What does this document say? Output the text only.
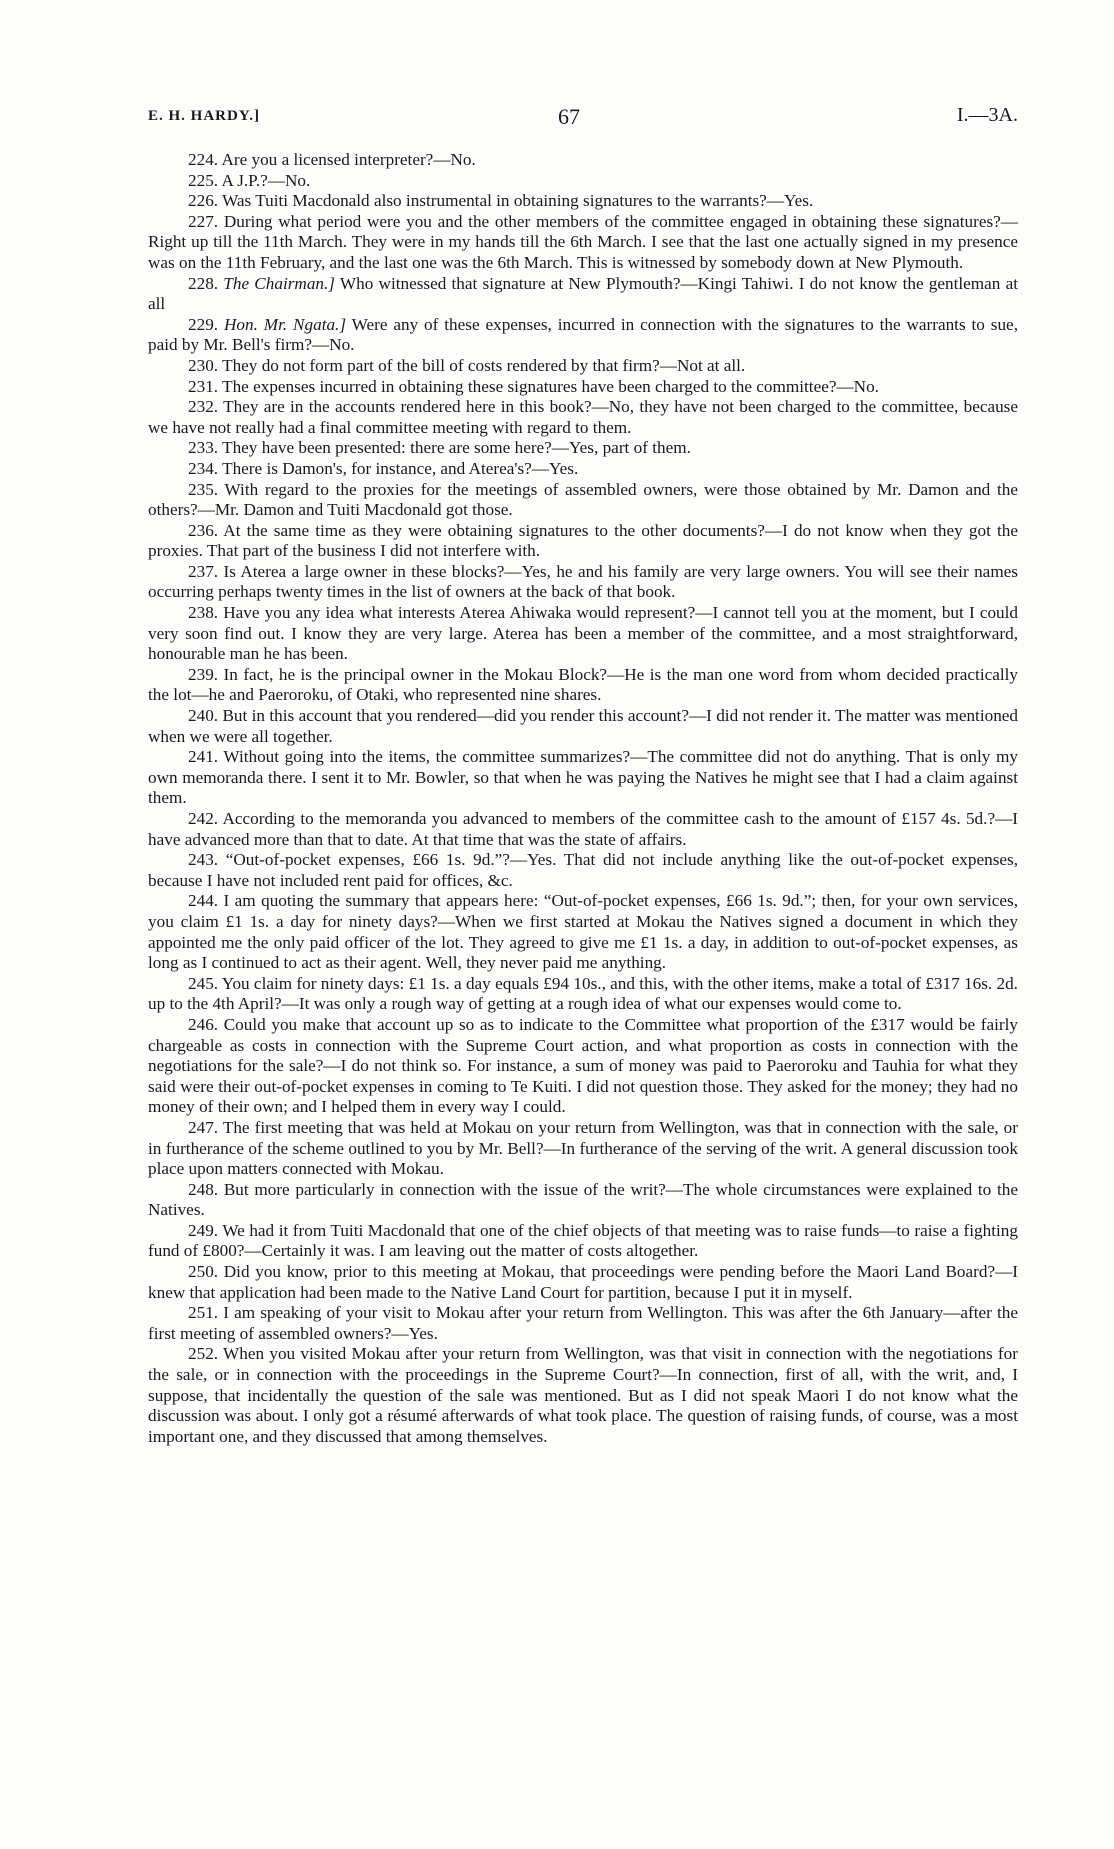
E. H. HARDY.]	67	I.—3A.

224. Are you a licensed interpreter?—No.

225. A J.P.?—No.

226. Was Tuiti Macdonald also instrumental in obtaining signatures to the warrants?—Yes.

227. During what period were you and the other members of the committee engaged in obtaining these signatures?—Right up till the 11th March. They were in my hands till the 6th March. I see that the last one actually signed in my presence was on the 11th February, and the last one was the 6th March. This is witnessed by somebody down at New Plymouth.

228. The Chairman.] Who witnessed that signature at New Plymouth?—Kingi Tahiwi. I do not know the gentleman at all

229. Hon. Mr. Ngata.] Were any of these expenses, incurred in connection with the signatures to the warrants to sue, paid by Mr. Bell's firm?—No.

230. They do not form part of the bill of costs rendered by that firm?—Not at all.

231. The expenses incurred in obtaining these signatures have been charged to the committee?—No.

232. They are in the accounts rendered here in this book?—No, they have not been charged to the committee, because we have not really had a final committee meeting with regard to them.

233. They have been presented: there are some here?—Yes, part of them.

234. There is Damon's, for instance, and Aterea's?—Yes.

235. With regard to the proxies for the meetings of assembled owners, were those obtained by Mr. Damon and the others?—Mr. Damon and Tuiti Macdonald got those.

236. At the same time as they were obtaining signatures to the other documents?—I do not know when they got the proxies. That part of the business I did not interfere with.

237. Is Aterea a large owner in these blocks?—Yes, he and his family are very large owners. You will see their names occurring perhaps twenty times in the list of owners at the back of that book.

238. Have you any idea what interests Aterea Ahiwaka would represent?—I cannot tell you at the moment, but I could very soon find out. I know they are very large. Aterea has been a member of the committee, and a most straightforward, honourable man he has been.

239. In fact, he is the principal owner in the Mokau Block?—He is the man one word from whom decided practically the lot—he and Paeroroku, of Otaki, who represented nine shares.

240. But in this account that you rendered—did you render this account?—I did not render it. The matter was mentioned when we were all together.

241. Without going into the items, the committee summarizes?—The committee did not do anything. That is only my own memoranda there. I sent it to Mr. Bowler, so that when he was paying the Natives he might see that I had a claim against them.

242. According to the memoranda you advanced to members of the committee cash to the amount of £157 4s. 5d.?—I have advanced more than that to date. At that time that was the state of affairs.

243. “Out-of-pocket expenses, £66 1s. 9d.”?—Yes. That did not include anything like the out-of-pocket expenses, because I have not included rent paid for offices, &c.

244. I am quoting the summary that appears here: “Out-of-pocket expenses, £66 1s. 9d.”; then, for your own services, you claim £1 1s. a day for ninety days?—When we first started at Mokau the Natives signed a document in which they appointed me the only paid officer of the lot. They agreed to give me £1 1s. a day, in addition to out-of-pocket expenses, as long as I continued to act as their agent. Well, they never paid me anything.

245. You claim for ninety days: £1 1s. a day equals £94 10s., and this, with the other items, make a total of £317 16s. 2d. up to the 4th April?—It was only a rough way of getting at a rough idea of what our expenses would come to.

246. Could you make that account up so as to indicate to the Committee what proportion of the £317 would be fairly chargeable as costs in connection with the Supreme Court action, and what proportion as costs in connection with the negotiations for the sale?—I do not think so. For instance, a sum of money was paid to Paeroroku and Tauhia for what they said were their out-of-pocket expenses in coming to Te Kuiti. I did not question those. They asked for the money; they had no money of their own; and I helped them in every way I could.

247. The first meeting that was held at Mokau on your return from Wellington, was that in connection with the sale, or in furtherance of the scheme outlined to you by Mr. Bell?—In furtherance of the serving of the writ. A general discussion took place upon matters connected with Mokau.

248. But more particularly in connection with the issue of the writ?—The whole circumstances were explained to the Natives.

249. We had it from Tuiti Macdonald that one of the chief objects of that meeting was to raise funds—to raise a fighting fund of £800?—Certainly it was. I am leaving out the matter of costs altogether.

250. Did you know, prior to this meeting at Mokau, that proceedings were pending before the Maori Land Board?—I knew that application had been made to the Native Land Court for partition, because I put it in myself.

251. I am speaking of your visit to Mokau after your return from Wellington. This was after the 6th January—after the first meeting of assembled owners?—Yes.

252. When you visited Mokau after your return from Wellington, was that visit in connection with the negotiations for the sale, or in connection with the proceedings in the Supreme Court?—In connection, first of all, with the writ, and, I suppose, that incidentally the question of the sale was mentioned. But as I did not speak Maori I do not know what the discussion was about. I only got a résumé afterwards of what took place. The question of raising funds, of course, was a most important one, and they discussed that among themselves.
